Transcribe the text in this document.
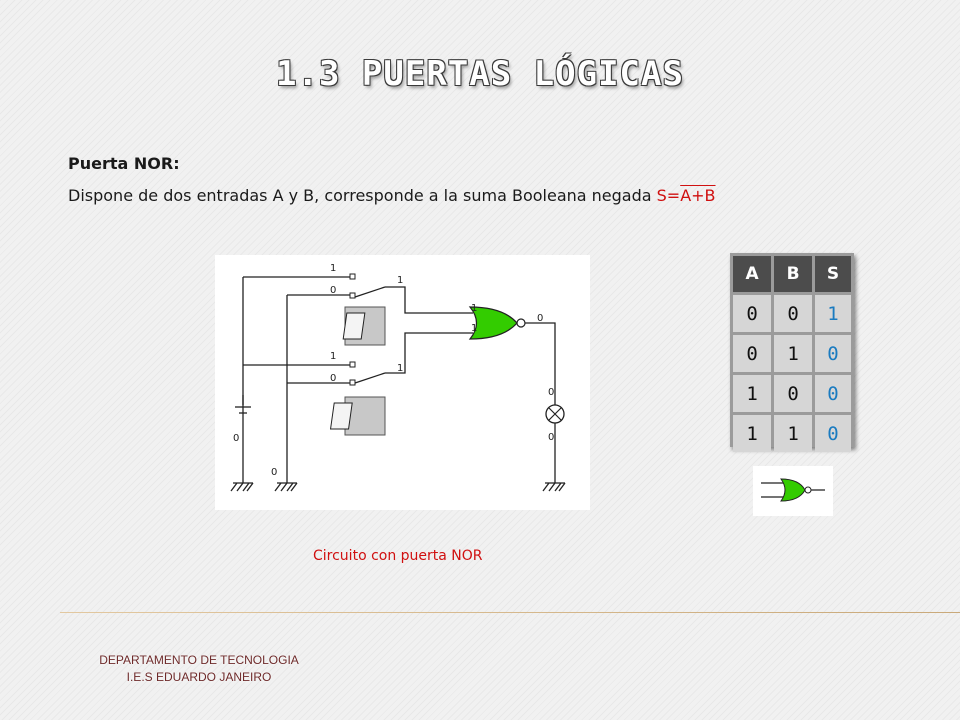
1.3 PUERTAS LÓGICAS
Puerta NOR:
Dispone de dos entradas A y B, corresponde a la suma Booleana negada S=A+B
1
0
1
1
1
0
1
0
1
0
0
0
0
Circuito con puerta NOR
A	B	S
0	0	1
0	1	0
1	0	0
1	1	0
DEPARTAMENTO DE TECNOLOGIA
I.E.S EDUARDO JANEIRO
